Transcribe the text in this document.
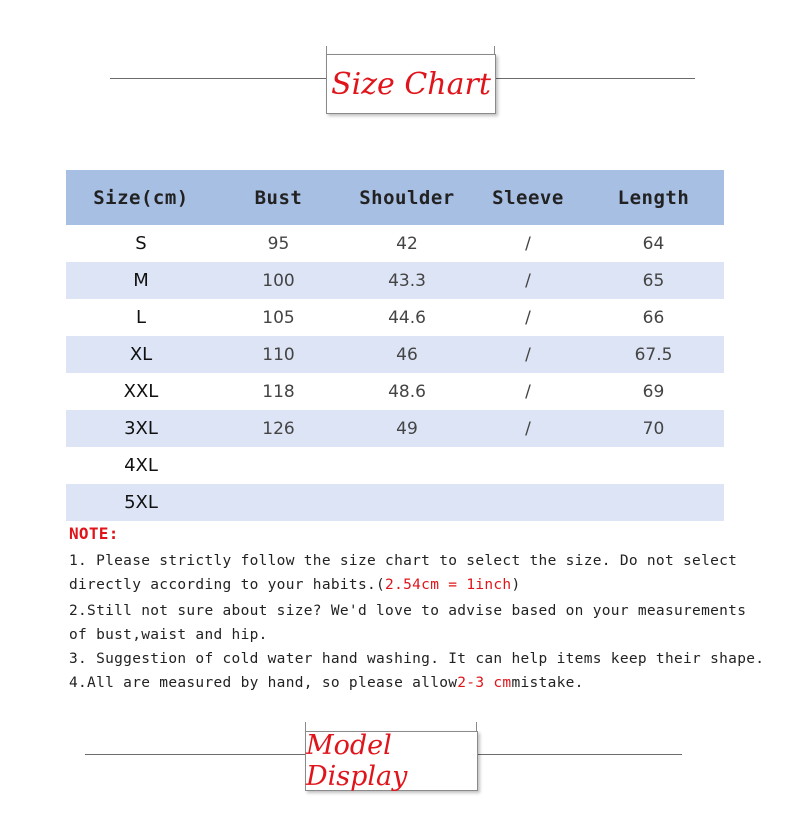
Size Chart
Size(cm)	Bust	Shoulder	Sleeve	Length
S	95	42	/	64
M	100	43.3	/	65
L	105	44.6	/	66
XL	110	46	/	67.5
XXL	118	48.6	/	69
3XL	126	49	/	70
4XL				
5XL				
NOTE:

1. Please strictly follow the size chart to select the size. Do not select

directly according to your habits.(2.54cm = 1inch)

2.Still not sure about size? We'd love to advise based on your measurements

of bust,waist and hip.

3. Suggestion of cold water hand washing. It can help items keep their shape.

4.All are measured by hand, so please allow2-3 cmmistake.

Model Display
